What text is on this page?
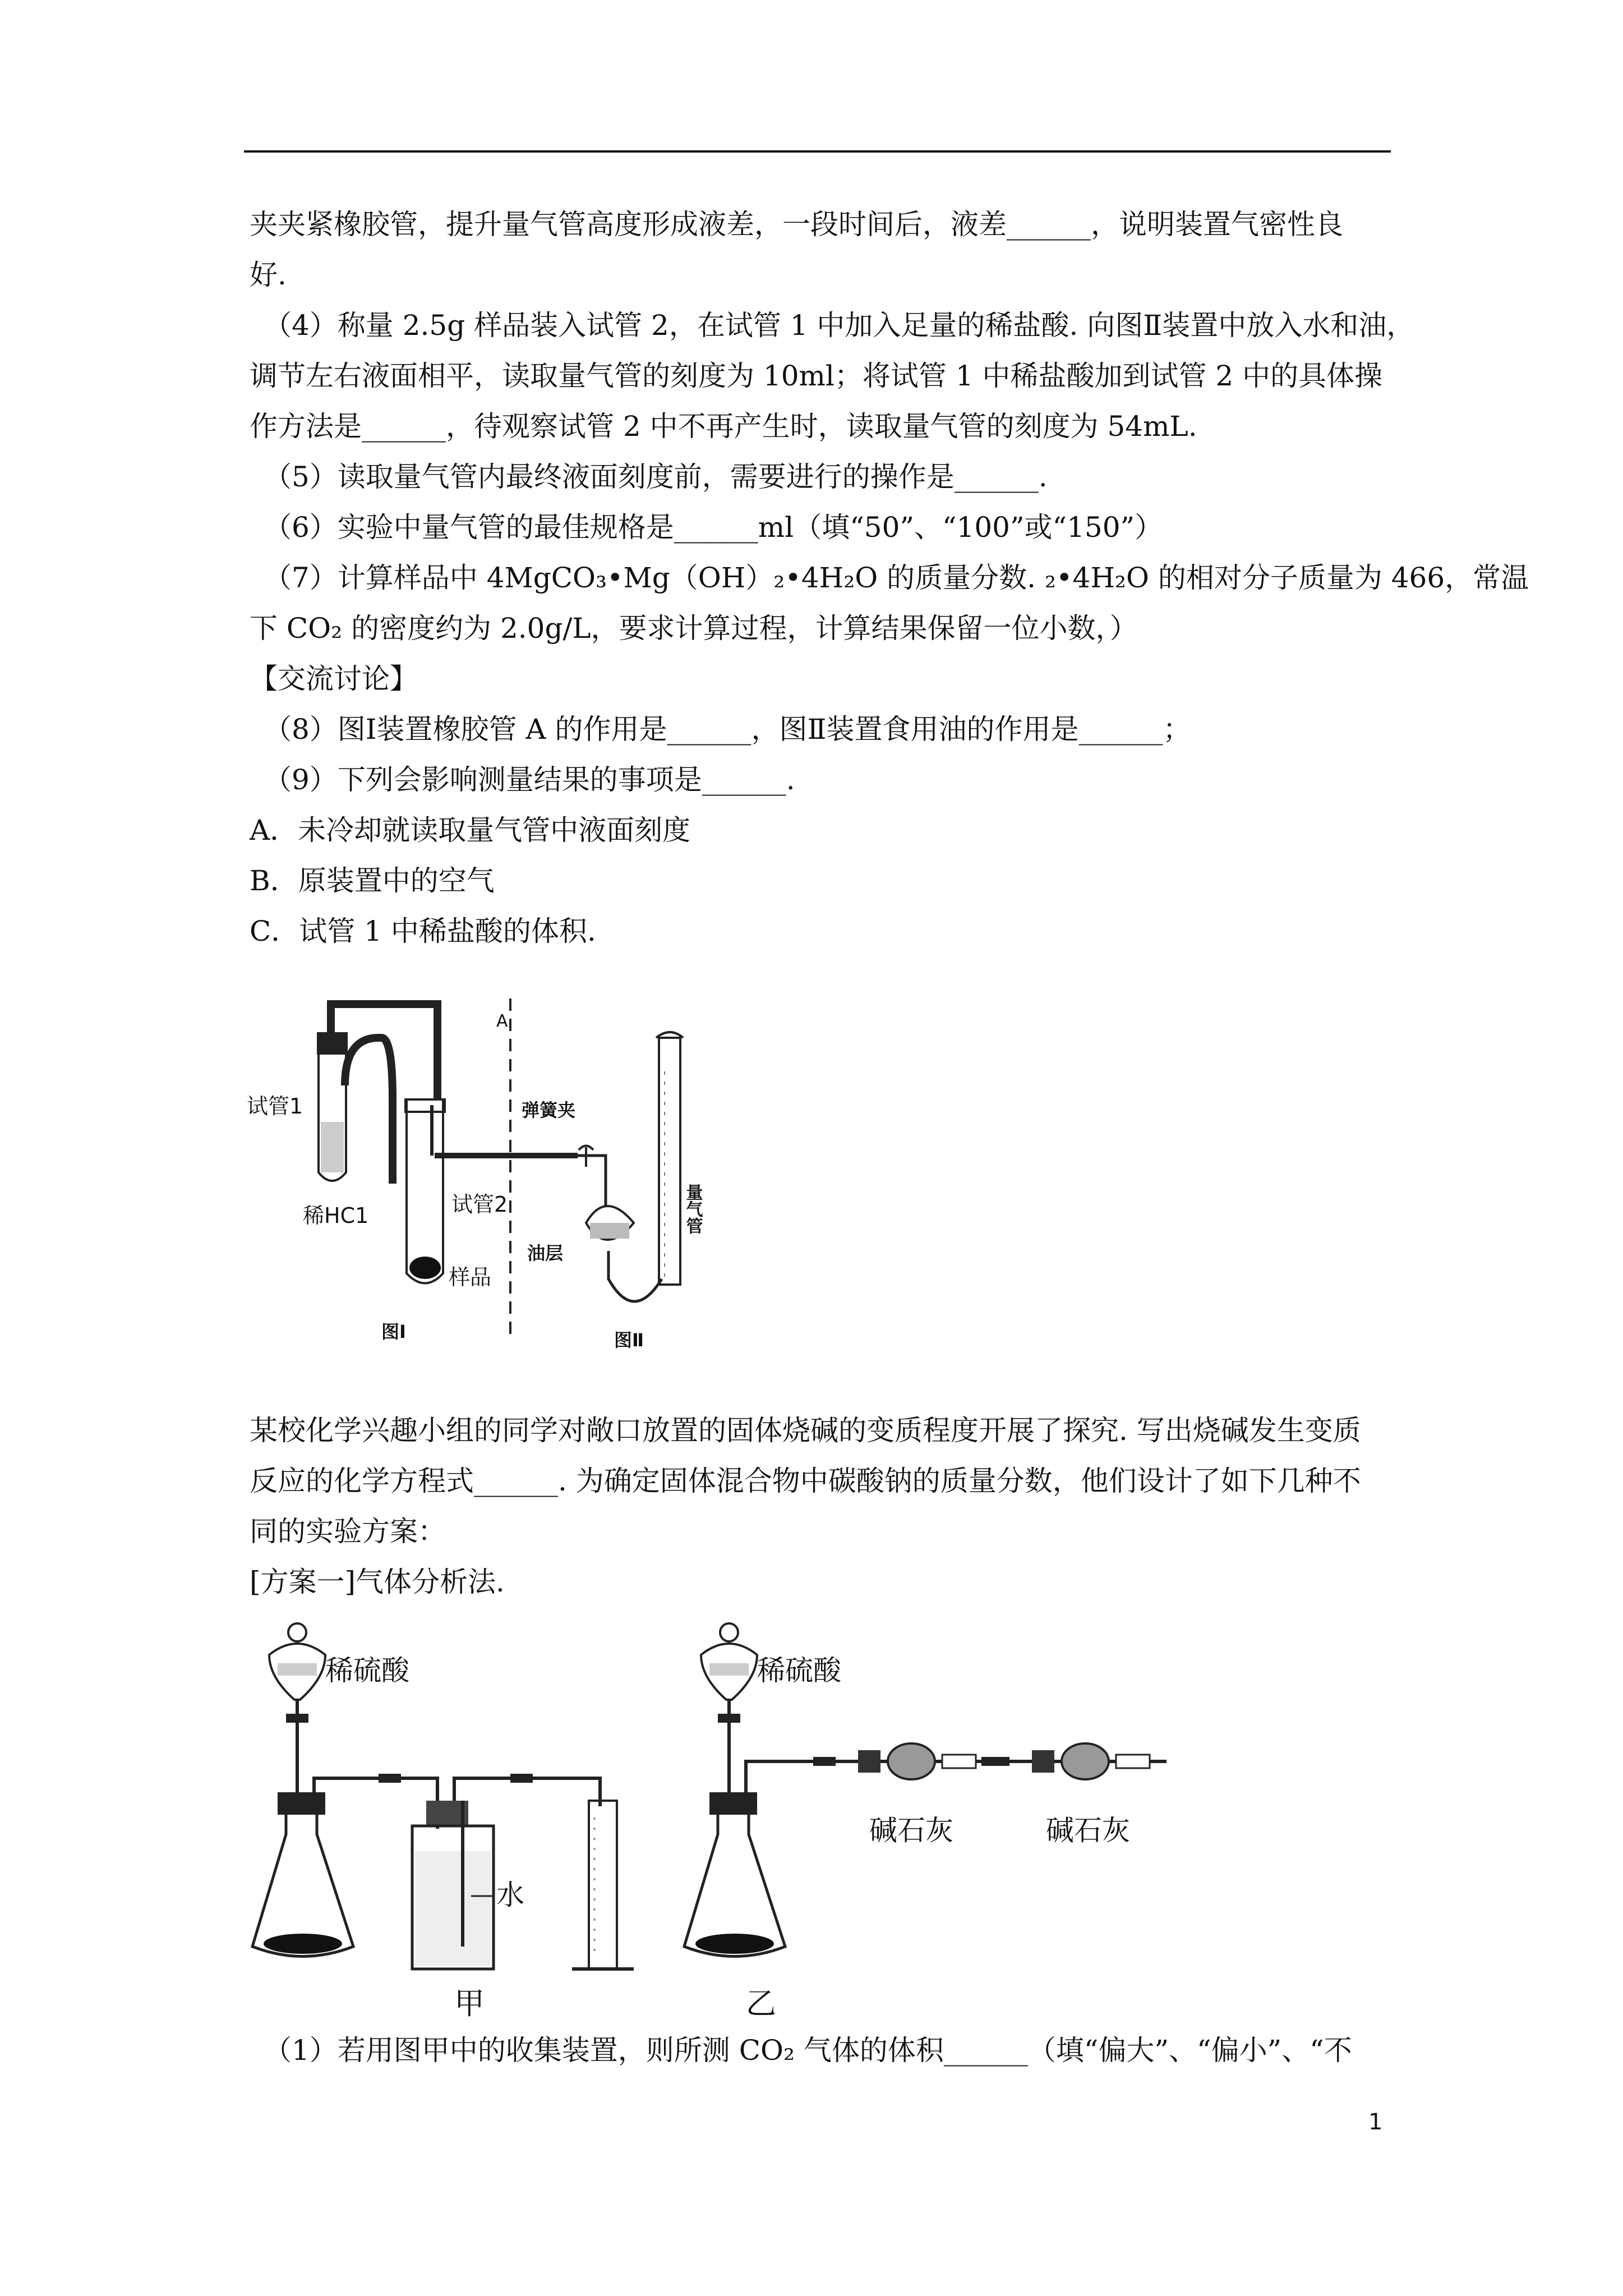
夹夹紧橡胶管，提升量气管高度形成液差，一段时间后，液差______，说明装置气密性良

好.

（4）称量 2.5g 样品装入试管 2，在试管 1 中加入足量的稀盐酸. 向图Ⅱ装置中放入水和油，

调节左右液面相平，读取量气管的刻度为 10ml；将试管 1 中稀盐酸加到试管 2 中的具体操

作方法是______，待观察试管 2 中不再产生时，读取量气管的刻度为 54mL.

（5）读取量气管内最终液面刻度前，需要进行的操作是______.

（6）实验中量气管的最佳规格是______ml（填“50”、“100”或“150”）

（7）计算样品中 4MgCO₃•Mg（OH）₂•4H₂O 的质量分数. ₂•4H₂O 的相对分子质量为 466，常温

下 CO₂ 的密度约为 2.0g/L，要求计算过程，计算结果保留一位小数，）

【交流讨论】

（8）图Ⅰ装置橡胶管 A 的作用是______，图Ⅱ装置食用油的作用是______；

（9）下列会影响测量结果的事项是______.

A．未冷却就读取量气管中液面刻度

B．原装置中的空气

C．试管 1 中稀盐酸的体积.

A
试管1
稀HC1	试管2
样品
弹簧夹
油层
量气管
图Ⅰ	图Ⅱ

某校化学兴趣小组的同学对敞口放置的固体烧碱的变质程度开展了探究. 写出烧碱发生变质

反应的化学方程式______. 为确定固体混合物中碳酸钠的质量分数，他们设计了如下几种不

同的实验方案：

[方案一]气体分析法.

稀硫酸
水
甲
稀硫酸
碱石灰	碱石灰
乙

（1）若用图甲中的收集装置，则所测 CO₂ 气体的体积______（填“偏大”、“偏小”、“不

1
